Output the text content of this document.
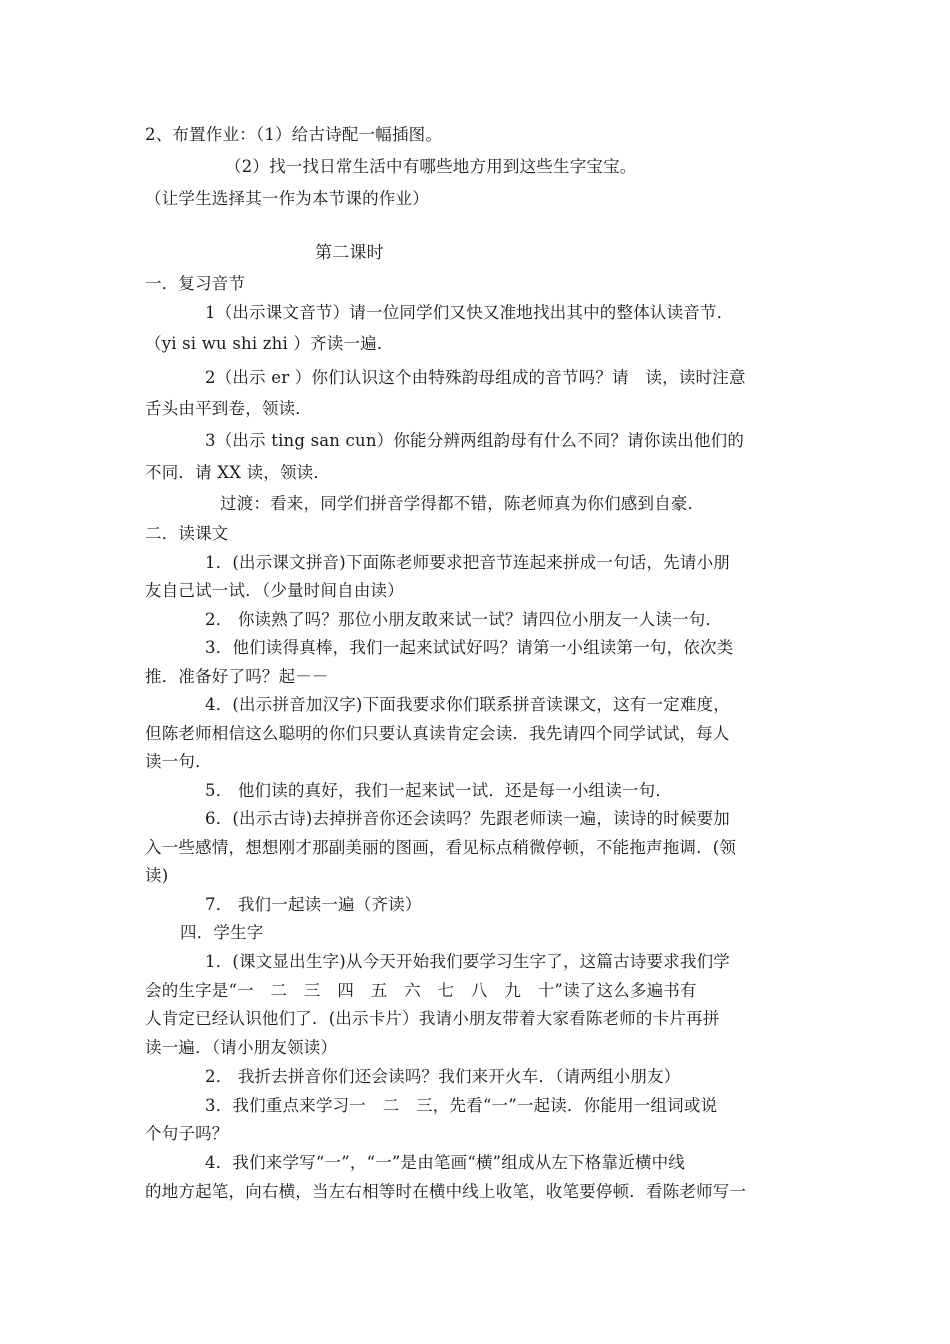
2、布置作业：（1）给古诗配一幅插图。
（2）找一找日常生活中有哪些地方用到这些生字宝宝。
（让学生选择其一作为本节课的作业）
第二课时
一．复习音节
1（出示课文音节）请一位同学们又快又准地找出其中的整体认读音节．
（yi si wu shi zhi ）齐读一遍．
2（出示 er ）你们认识这个由特殊韵母组成的音节吗？请　读，读时注意
舌头由平到卷，领读．
3（出示 ting san cun）你能分辨两组韵母有什么不同？请你读出他们的
不同．请 XX 读，领读．
过渡：看来，同学们拼音学得都不错，陈老师真为你们感到自豪．
二．读课文
1．(出示课文拼音)下面陈老师要求把音节连起来拼成一句话，先请小朋
友自己试一试．（少量时间自由读）
2． 你读熟了吗？那位小朋友敢来试一试？请四位小朋友一人读一句．
3．他们读得真棒，我们一起来试试好吗？请第一小组读第一句，依次类
推．准备好了吗？起－－
4．(出示拼音加汉字)下面我要求你们联系拼音读课文，这有一定难度，
但陈老师相信这么聪明的你们只要认真读肯定会读．我先请四个同学试试，每人
读一句．
5． 他们读的真好，我们一起来试一试．还是每一小组读一句．
6．(出示古诗)去掉拼音你还会读吗？先跟老师读一遍，读诗的时候要加
入一些感情，想想刚才那副美丽的图画，看见标点稍微停顿，不能拖声拖调．(领
读)
7． 我们一起读一遍（齐读）
四．学生字
1．(课文显出生字)从今天开始我们要学习生字了，这篇古诗要求我们学
会的生字是“一　二　三　四　五　六　七　八　九　十”读了这么多遍书有
人肯定已经认识他们了．(出示卡片）我请小朋友带着大家看陈老师的卡片再拼
读一遍．（请小朋友领读）
2． 我折去拼音你们还会读吗？我们来开火车．（请两组小朋友）
3．我们重点来学习一　二　三，先看“一”一起读．你能用一组词或说
个句子吗？
4．我们来学写“一”，“一”是由笔画“横”组成从左下格靠近横中线
的地方起笔，向右横，当左右相等时在横中线上收笔，收笔要停顿．看陈老师写一
